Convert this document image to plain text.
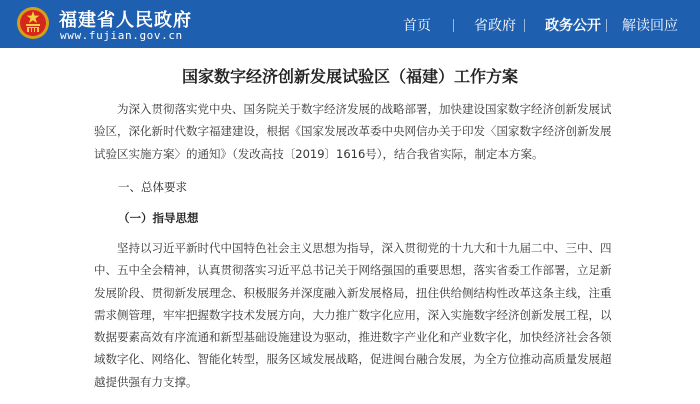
福建省人民政府
www.fujian.gov.cn
首页	省政府 政务公开 解读回应
国家数字经济创新发展试验区（福建）工作方案
为深入贯彻落实党中央、国务院关于数字经济发展的战略部署，加快建设国家数字经济创新发展试验区，深化新时代数字福建建设，根据《国家发展改革委中央网信办关于印发〈国家数字经济创新发展试验区实施方案〉的通知》（发改高技〔2019〕1616号），结合我省实际，制定本方案。
一、总体要求
（一）指导思想
坚持以习近平新时代中国特色社会主义思想为指导，深入贯彻党的十九大和十九届二中、三中、四中、五中全会精神，认真贯彻落实习近平总书记关于网络强国的重要思想，落实省委工作部署，立足新发展阶段、贯彻新发展理念、积极服务并深度融入新发展格局，扭住供给侧结构性改革这条主线，注重需求侧管理，牢牢把握数字技术发展方向，大力推广数字化应用，深入实施数字经济创新发展工程，以数据要素高效有序流通和新型基础设施建设为驱动，推进数字产业化和产业数字化，加快经济社会各领域数字化、网络化、智能化转型，服务区域发展战略，促进闽台融合发展，为全方位推动高质量发展超越提供强有力支撑。
